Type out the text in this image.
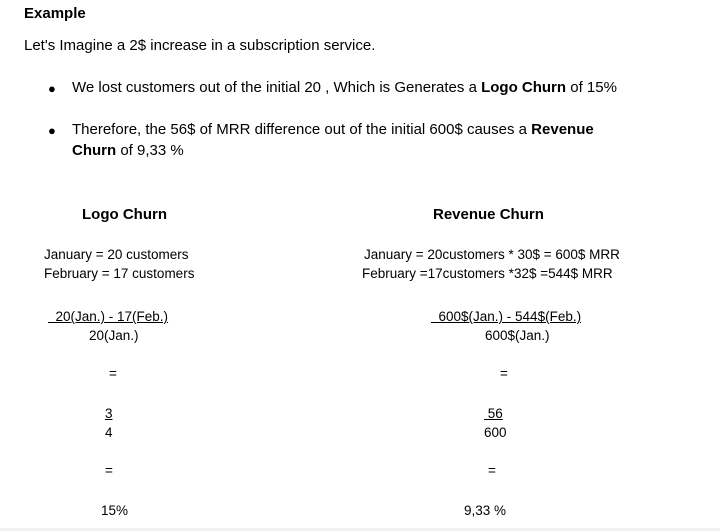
Example
Let's Imagine a 2$ increase in a subscription service.
● We lost customers out of the initial 20 , Which is Generates a Logo Churn of 15%
● Therefore, the 56$ of MRR difference out of the initial 600$ causes a Revenue Churn of 9,33 %
Logo Churn
January = 20 customers
February = 17 customers
20(Jan.) - 17(Feb.)
20(Jan.)
=
3
4
=
15%
Revenue Churn
January = 20customers * 30$ = 600$ MRR
February =17customers *32$ =544$ MRR
600$(Jan.) - 544$(Feb.)
600$(Jan.)
=
56
600
=
9,33 %
